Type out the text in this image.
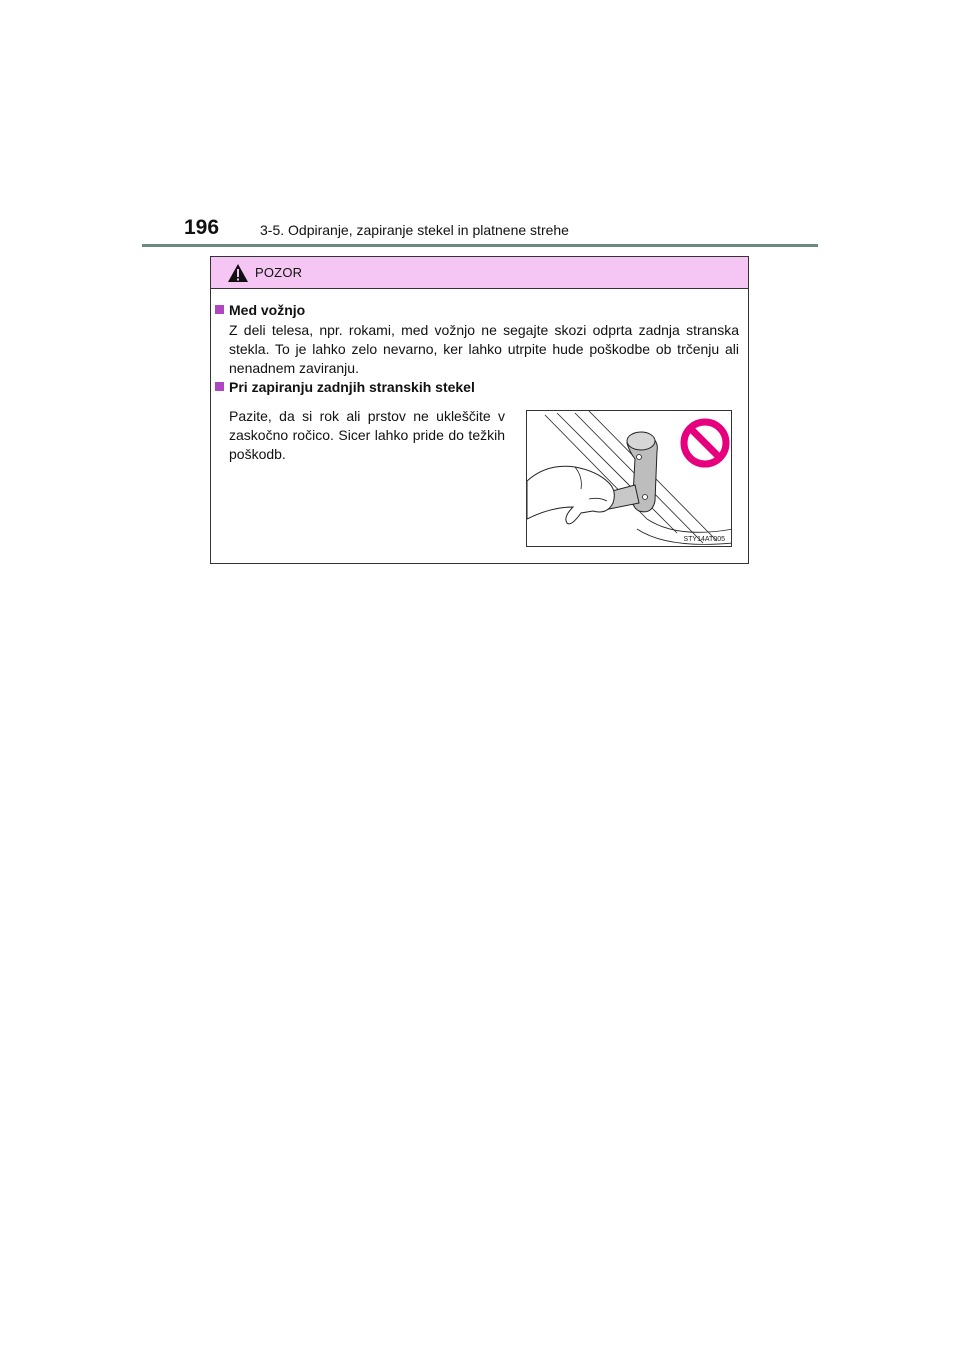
196	3-5. Odpiranje, zapiranje stekel in platnene strehe
POZOR
Med vožnjo
Z deli telesa, npr. rokami, med vožnjo ne segajte skozi odprta zadnja stranska stekla. To je lahko zelo nevarno, ker lahko utrpite hude poškodbe ob trčenju ali nenadnem zaviranju.
Pri zapiranju zadnjih stranskih stekel
Pazite, da si rok ali prstov ne ukleščite v zaskočno ročico. Sicer lahko pride do težkih poškodb.
STY14AT005
